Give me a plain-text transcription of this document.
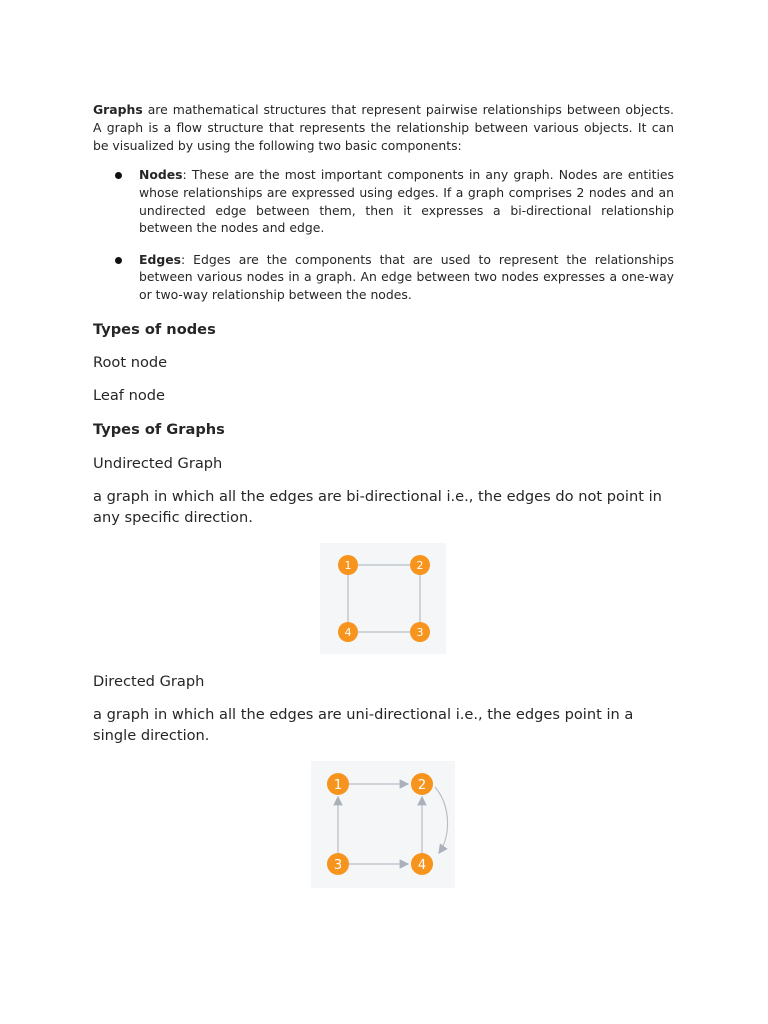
Graphs are mathematical structures that represent pairwise relationships between objects. A graph is a flow structure that represents the relationship between various objects. It can be visualized by using the following two basic components:

Nodes: These are the most important components in any graph. Nodes are entities whose relationships are expressed using edges. If a graph comprises 2 nodes and an undirected edge between them, then it expresses a bi-directional relationship between the nodes and edge.
Edges: Edges are the components that are used to represent the relationships between various nodes in a graph. An edge between two nodes expresses a one-way or two-way relationship between the nodes.

Types of nodes

Root node

Leaf node

Types of Graphs

Undirected Graph

a graph in which all the edges are bi-directional i.e., the edges do not point in any specific direction.

1	2
3
4

Directed Graph

a graph in which all the edges are uni-directional i.e., the edges point in a single direction.

1	2
3	4
